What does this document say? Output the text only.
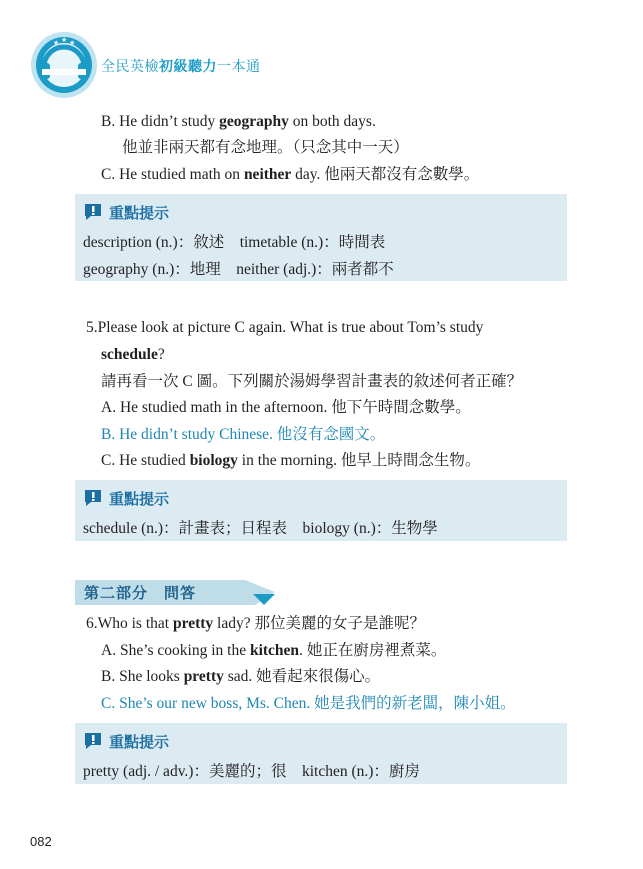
★ ★ ★
全民英檢初級聽力一本通
B. He didn’t study geography on both days.
他並非兩天都有念地理。（只念其中一天）
C. He studied math on neither day. 他兩天都沒有念數學。
重點提示
description (n.)：敘述　timetable (n.)：時間表
geography (n.)：地理　neither (adj.)：兩者都不
5.Please look at picture C again. What is true about Tom’s study
schedule?
請再看一次 C 圖。下列關於湯姆學習計畫表的敘述何者正確？
A. He studied math in the afternoon. 他下午時間念數學。
B. He didn’t study Chinese. 他沒有念國文。
C. He studied biology in the morning. 他早上時間念生物。
重點提示
schedule (n.)：計畫表；日程表　biology (n.)：生物學
第二部分　問答
6.Who is that pretty lady? 那位美麗的女子是誰呢？
A. She’s cooking in the kitchen. 她正在廚房裡煮菜。
B. She looks pretty sad. 她看起來很傷心。
C. She’s our new boss, Ms. Chen. 她是我們的新老闆，陳小姐。
重點提示
pretty (adj. / adv.)：美麗的；很　kitchen (n.)：廚房
082
